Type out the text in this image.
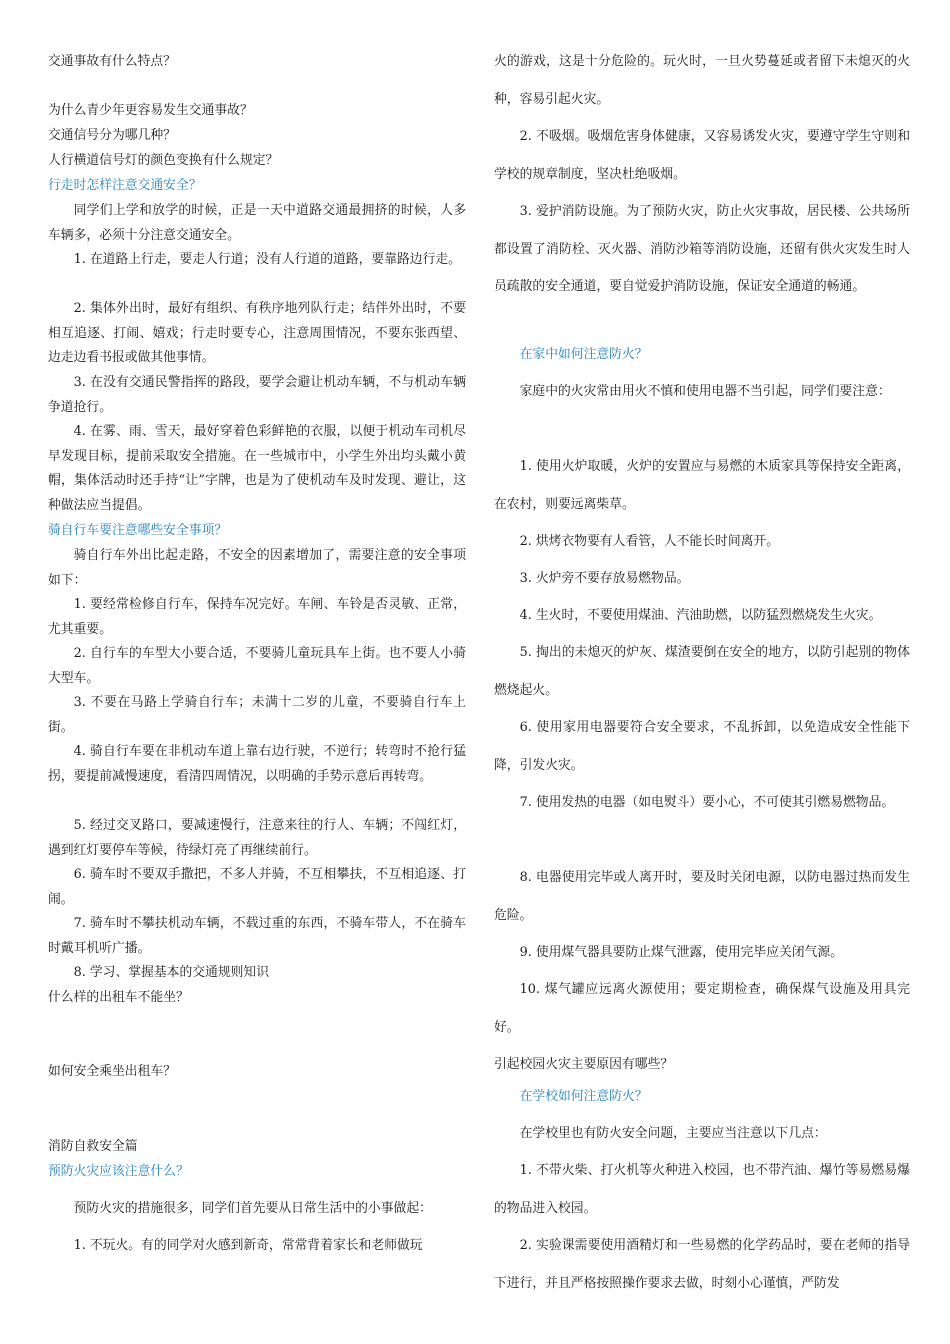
交通事故有什么特点？
为什么青少年更容易发生交通事故？
交通信号分为哪几种？
人行横道信号灯的颜色变换有什么规定？
行走时怎样注意交通安全？
同学们上学和放学的时候，正是一天中道路交通最拥挤的时候，人多车辆多，必须十分注意交通安全。
1. 在道路上行走，要走人行道；没有人行道的道路，要靠路边行走。
2. 集体外出时，最好有组织、有秩序地列队行走；结伴外出时，不要相互追逐、打闹、嬉戏；行走时要专心，注意周围情况，不要东张西望、边走边看书报或做其他事情。
3. 在没有交通民警指挥的路段，要学会避让机动车辆，不与机动车辆争道抢行。
4. 在雾、雨、雪天，最好穿着色彩鲜艳的衣服，以便于机动车司机尽早发现目标，提前采取安全措施。在一些城市中，小学生外出均头戴小黄帽，集体活动时还手持“让”字牌，也是为了使机动车及时发现、避让，这种做法应当提倡。
骑自行车要注意哪些安全事项？
骑自行车外出比起走路，不安全的因素增加了，需要注意的安全事项如下：
1. 要经常检修自行车，保持车况完好。车闸、车铃是否灵敏、正常，尤其重要。
2. 自行车的车型大小要合适，不要骑儿童玩具车上街。也不要人小骑大型车。
3. 不要在马路上学骑自行车；未满十二岁的儿童，不要骑自行车上街。
4. 骑自行车要在非机动车道上靠右边行驶，不逆行；转弯时不抢行猛拐，要提前减慢速度，看清四周情况，以明确的手势示意后再转弯。
5. 经过交叉路口，要减速慢行，注意来往的行人、车辆；不闯红灯，遇到红灯要停车等候，待绿灯亮了再继续前行。
6. 骑车时不要双手撒把，不多人并骑，不互相攀扶，不互相追逐、打闹。
7. 骑车时不攀扶机动车辆，不载过重的东西，不骑车带人，不在骑车时戴耳机听广播。
8. 学习、掌握基本的交通规则知识
什么样的出租车不能坐？
如何安全乘坐出租车？
消防自救安全篇
预防火灾应该注意什么？
预防火灾的措施很多，同学们首先要从日常生活中的小事做起：
1. 不玩火。有的同学对火感到新奇，常常背着家长和老师做玩
火的游戏，这是十分危险的。玩火时，一旦火势蔓延或者留下未熄灭的火种，容易引起火灾。
2. 不吸烟。吸烟危害身体健康，又容易诱发火灾，要遵守学生守则和学校的规章制度，坚决杜绝吸烟。
3. 爱护消防设施。为了预防火灾，防止火灾事故，居民楼、公共场所都设置了消防栓、灭火器、消防沙箱等消防设施，还留有供火灾发生时人员疏散的安全通道，要自觉爱护消防设施，保证安全通道的畅通。
在家中如何注意防火？
家庭中的火灾常由用火不慎和使用电器不当引起，同学们要注意：
1. 使用火炉取暖，火炉的安置应与易燃的木质家具等保持安全距离，在农村，则要远离柴草。
2. 烘烤衣物要有人看管，人不能长时间离开。
3. 火炉旁不要存放易燃物品。
4. 生火时，不要使用煤油、汽油助燃，以防猛烈燃烧发生火灾。
5. 掏出的未熄灭的炉灰、煤渣要倒在安全的地方，以防引起别的物体燃烧起火。
6. 使用家用电器要符合安全要求，不乱拆卸，以免造成安全性能下降，引发火灾。
7. 使用发热的电器（如电熨斗）要小心，不可使其引燃易燃物品。
8. 电器使用完毕或人离开时，要及时关闭电源，以防电器过热而发生危险。
9. 使用煤气器具要防止煤气泄露，使用完毕应关闭气源。
10. 煤气罐应远离火源使用；要定期检查，确保煤气设施及用具完好。
引起校园火灾主要原因有哪些？
在学校如何注意防火？
在学校里也有防火安全问题，主要应当注意以下几点：
1. 不带火柴、打火机等火种进入校园，也不带汽油、爆竹等易燃易爆的物品进入校园。
2. 实验课需要使用酒精灯和一些易燃的化学药品时，要在老师的指导下进行，并且严格按照操作要求去做，时刻小心谨慎，严防发
